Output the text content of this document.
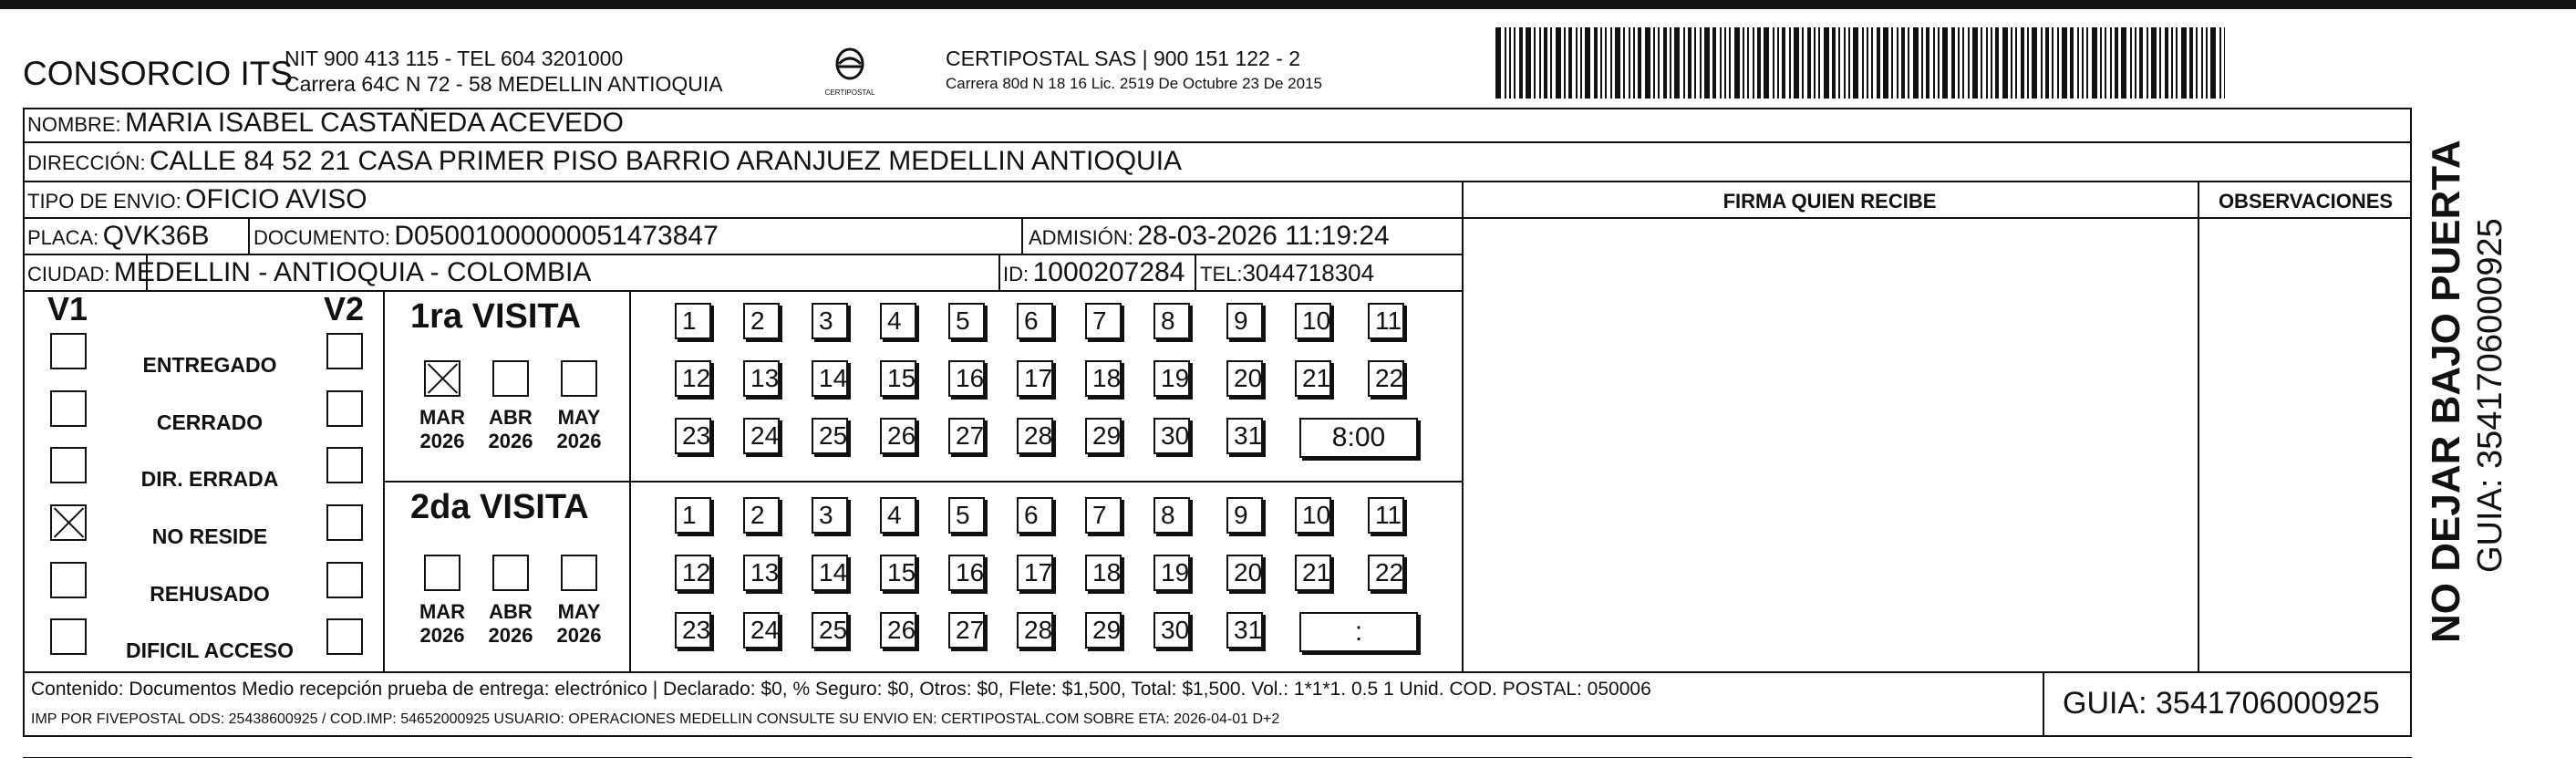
CONSORCIO ITS
NIT 900 413 115 - TEL 604 3201000
Carrera 64C N 72 - 58 MEDELLIN ANTIOQUIA	CERTIPOSTAL
CERTIPOSTAL SAS | 900 151 122 - 2
Carrera 80d N 18 16 Lic. 2519 De Octubre 23 De 2015
NOMBRE: MARIA ISABEL CASTAÑEDA ACEVEDO
DIRECCIÓN: CALLE 84 52 21 CASA PRIMER PISO BARRIO ARANJUEZ MEDELLIN ANTIOQUIA
TIPO DE ENVIO: OFICIO AVISO	FIRMA QUIEN RECIBE	OBSERVACIONES
PLACA: QVK36B DOCUMENTO: D05001000000051473847	ADMISIÓN: 28-03-2026 11:19:24
CIUDAD: MEDELLIN - ANTIOQUIA - COLOMBIA	ID: 1000207284 TEL:3044718304
V1	V2
ENTREGADO
CERRADO
DIR. ERRADA
NO RESIDE
REHUSADO
DIFICIL ACCESO
1ra VISITA
2da VISITA
MAR
2026
ABR
2026
MAY
2026
MAR
2026
ABR
2026
MAY
2026
1	2	3	4	5	6	7	8	9	10 11
12 13 14 15 16 17 18 19 20 21 22
23 24 25 26 27 28 29 30 31	8:00
1	2	3	4	5	6	7	8	9	10 11
12 13 14 15 16 17 18 19 20 21 22
23 24 25 26 27 28 29 30 31	:
Contenido: Documentos Medio recepción prueba de entrega: electrónico | Declarado: $0, % Seguro: $0, Otros: $0, Flete: $1,500, Total: $1,500. Vol.: 1*1*1. 0.5 1 Unid. COD. POSTAL: 050006
IMP POR FIVEPOSTAL ODS: 25438600925 / COD.IMP: 54652000925 USUARIO: OPERACIONES MEDELLIN CONSULTE SU ENVIO EN: CERTIPOSTAL.COM SOBRE ETA: 2026-04-01 D+2	GUIA: 3541706000925
NO DEJAR BAJO PUERTA GUIA: 3541706000925
